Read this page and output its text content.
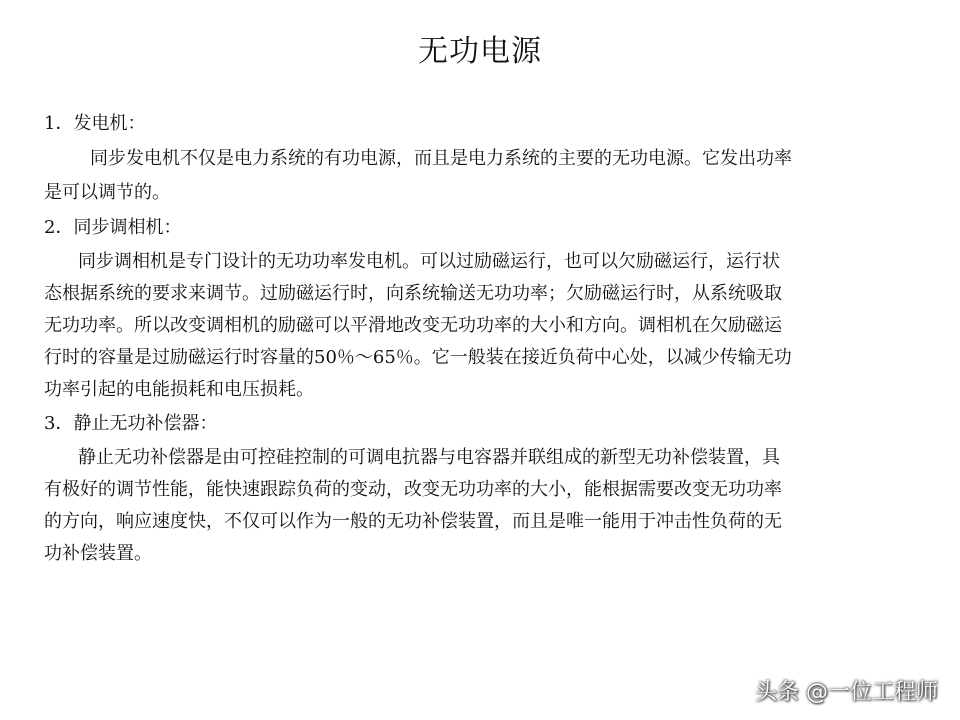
无功电源
1．发电机：

同步发电机不仅是电力系统的有功电源，而且是电力系统的主要的无功电源。它发出功率
是可以调节的。

2．同步调相机：

同步调相机是专门设计的无功功率发电机。可以过励磁运行，也可以欠励磁运行，运行状
态根据系统的要求来调节。过励磁运行时，向系统输送无功功率；欠励磁运行时，从系统吸取
无功功率。所以改变调相机的励磁可以平滑地改变无功功率的大小和方向。调相机在欠励磁运
行时的容量是过励磁运行时容量的50％～65％。它一般装在接近负荷中心处，以减少传输无功
功率引起的电能损耗和电压损耗。

3．静止无功补偿器：

静止无功补偿器是由可控硅控制的可调电抗器与电容器并联组成的新型无功补偿装置，具
有极好的调节性能，能快速跟踪负荷的变动，改变无功功率的大小，能根据需要改变无功功率
的方向，响应速度快，不仅可以作为一般的无功补偿装置，而且是唯一能用于冲击性负荷的无
功补偿装置。

头条 @一位工程师
